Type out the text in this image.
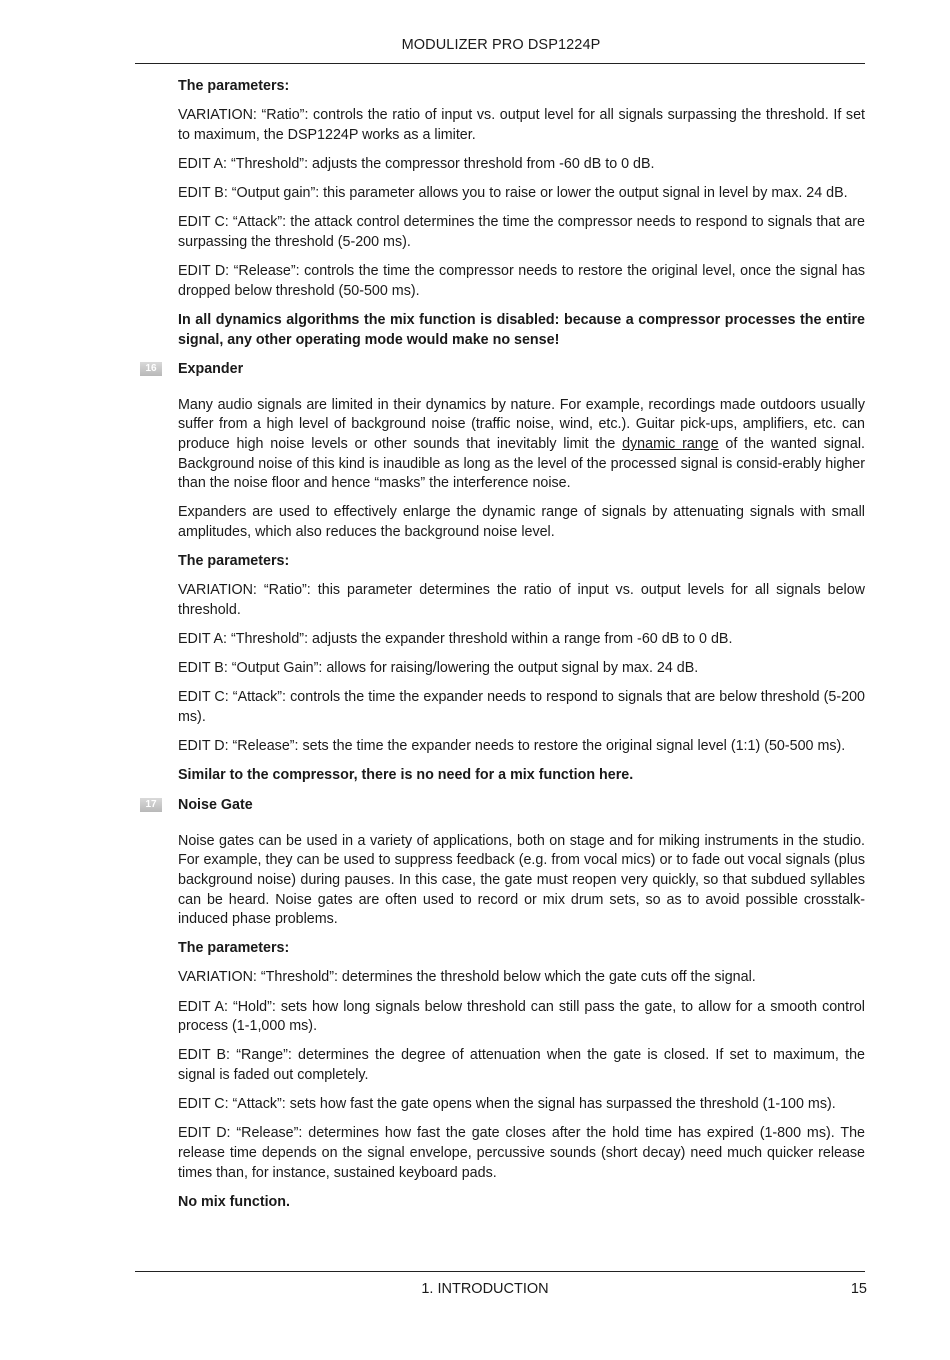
MODULIZER PRO DSP1224P

The parameters:

VARIATION: “Ratio”: controls the ratio of input vs. output level for all signals surpassing the threshold. If set to maximum, the DSP1224P works as a limiter.

EDIT A: “Threshold”: adjusts the compressor threshold from -60 dB to 0 dB.

EDIT B: “Output gain”: this parameter allows you to raise or lower the output signal in level by max. 24 dB.

EDIT C: “Attack”: the attack control determines the time the compressor needs to respond to signals that are surpassing the threshold (5-200 ms).

EDIT D: “Release”: controls the time the compressor needs to restore the original level, once the signal has dropped below threshold (50-500 ms).

In all dynamics algorithms the mix function is disabled: because a compressor processes the entire signal, any other operating mode would make no sense!

16	Expander

Many audio signals are limited in their dynamics by nature. For example, recordings made outdoors usually suffer from a high level of background noise (traffic noise, wind, etc.). Guitar pick-ups, amplifiers, etc. can produce high noise levels or other sounds that inevitably limit the dynamic range of the wanted signal. Background noise of this kind is inaudible as long as the level of the processed signal is consid-erably higher than the noise floor and hence “masks” the interference noise.

Expanders are used to effectively enlarge the dynamic range of signals by attenuating signals with small amplitudes, which also reduces the background noise level.

The parameters:

VARIATION: “Ratio”: this parameter determines the ratio of input vs. output levels for all signals below threshold.

EDIT A: “Threshold”: adjusts the expander threshold within a range from -60 dB to 0 dB.

EDIT B: “Output Gain”: allows for raising/lowering the output signal by max. 24 dB.

EDIT C: “Attack”: controls the time the expander needs to respond to signals that are below threshold (5-200 ms).

EDIT D: “Release”: sets the time the expander needs to restore the original signal level (1:1) (50-500 ms).

Similar to the compressor, there is no need for a mix function here.

17	Noise Gate

Noise gates can be used in a variety of applications, both on stage and for miking instruments in the studio. For example, they can be used to suppress feedback (e.g. from vocal mics) or to fade out vocal signals (plus background noise) during pauses. In this case, the gate must reopen very quickly, so that subdued syllables can be heard. Noise gates are often used to record or mix drum sets, so as to avoid possible crosstalk-induced phase problems.

The parameters:

VARIATION: “Threshold”: determines the threshold below which the gate cuts off the signal.

EDIT A: “Hold”: sets how long signals below threshold can still pass the gate, to allow for a smooth control process (1-1,000 ms).

EDIT B: “Range”: determines the degree of attenuation when the gate is closed. If set to maximum, the signal is faded out completely.

EDIT C: “Attack”: sets how fast the gate opens when the signal has surpassed the threshold (1-100 ms).

EDIT D: “Release”: determines how fast the gate closes after the hold time has expired (1-800 ms). The release time depends on the signal envelope, percussive sounds (short decay) need much quicker release times than, for instance, sustained keyboard pads.

No mix function.

1. INTRODUCTION	15
